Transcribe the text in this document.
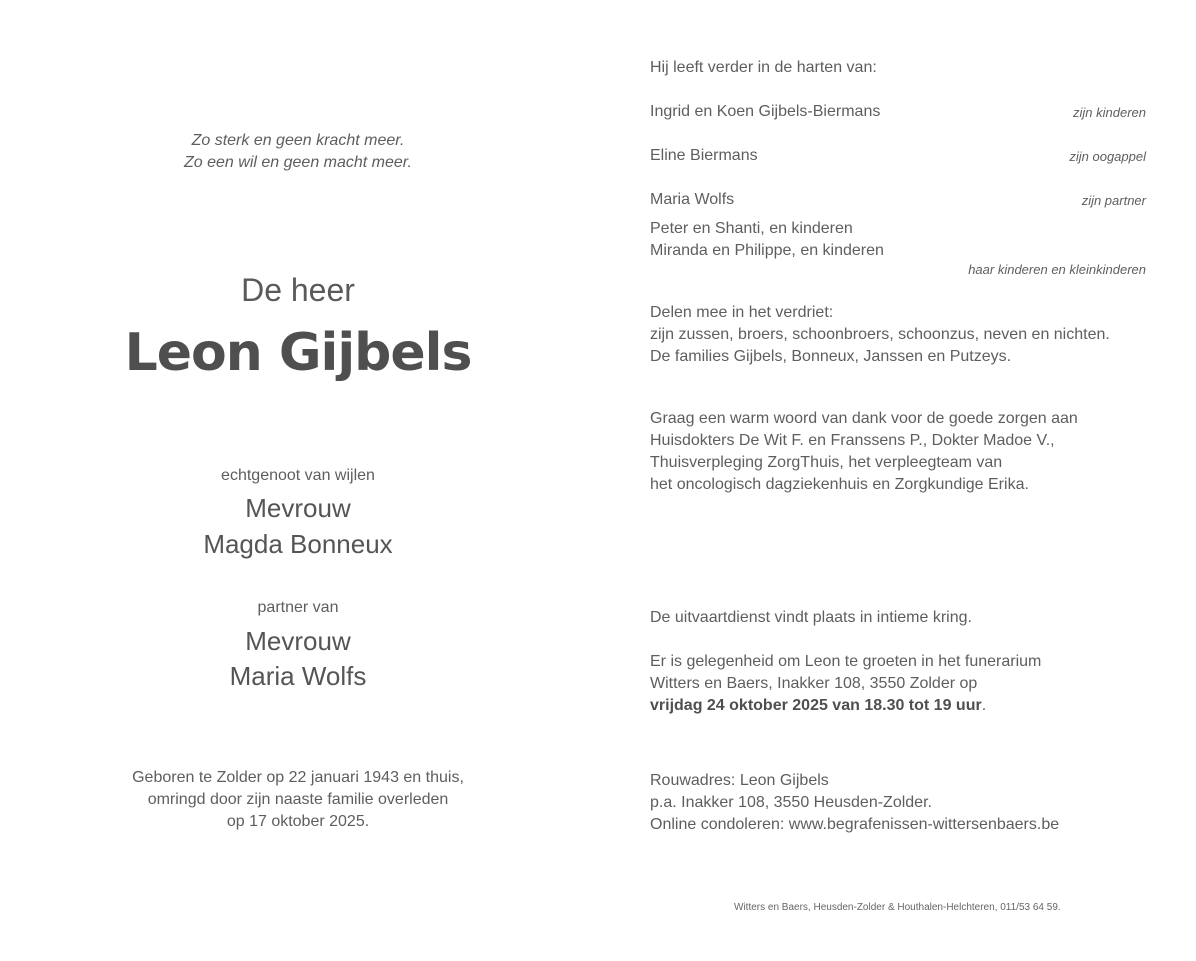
Zo sterk en geen kracht meer.
Zo een wil en geen macht meer.
De heer
Leon Gijbels
echtgenoot van wijlen
Mevrouw
Magda Bonneux
partner van
Mevrouw
Maria Wolfs
Geboren te Zolder op 22 januari 1943 en thuis,
omringd door zijn naaste familie overleden
op 17 oktober 2025.
Hij leeft verder in de harten van:
Ingrid en Koen Gijbels-Biermans	zijn kinderen
Eline Biermans	zijn oogappel
Maria Wolfs	zijn partner
Peter en Shanti, en kinderen
Miranda en Philippe, en kinderen
haar kinderen en kleinkinderen
Delen mee in het verdriet:
zijn zussen, broers, schoonbroers, schoonzus, neven en nichten.
De families Gijbels, Bonneux, Janssen en Putzeys.
Graag een warm woord van dank voor de goede zorgen aan
Huisdokters De Wit F. en Franssens P., Dokter Madoe V.,
Thuisverpleging ZorgThuis, het verpleegteam van
het oncologisch dagziekenhuis en Zorgkundige Erika.
De uitvaartdienst vindt plaats in intieme kring.
Er is gelegenheid om Leon te groeten in het funerarium
Witters en Baers, Inakker 108, 3550 Zolder op
vrijdag 24 oktober 2025 van 18.30 tot 19 uur.
Rouwadres: Leon Gijbels
p.a. Inakker 108, 3550 Heusden-Zolder.
Online condoleren: www.begrafenissen-wittersenbaers.be
Witters en Baers, Heusden-Zolder & Houthalen-Helchteren, 011/53 64 59.
